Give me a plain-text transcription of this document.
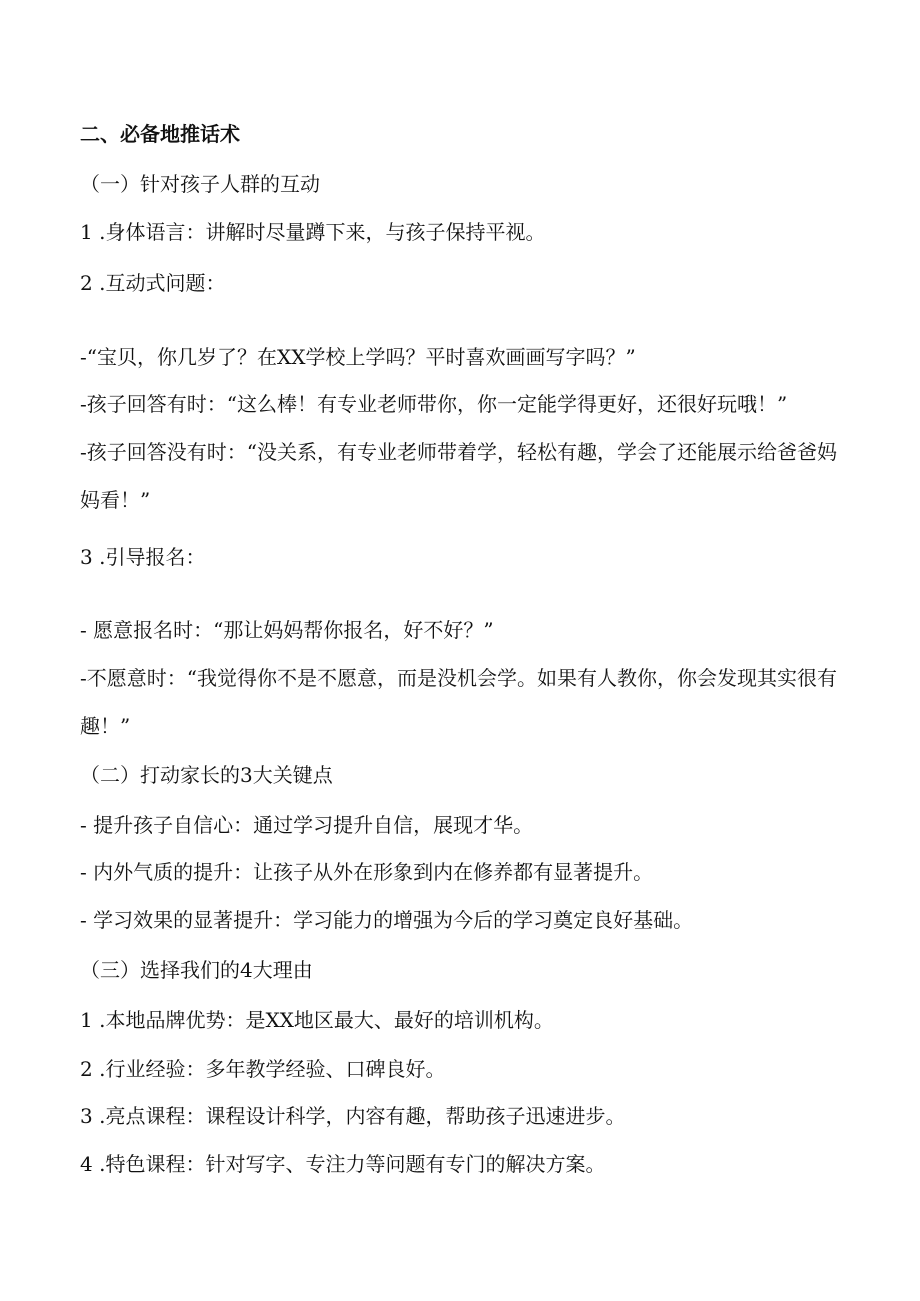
二、必备地推话术
（一）针对孩子人群的互动
1 .身体语言：讲解时尽量蹲下来，与孩子保持平视。
2 .互动式问题：
-“宝贝，你几岁了？在XX学校上学吗？平时喜欢画画写字吗？”
-孩子回答有时：“这么棒！有专业老师带你，你一定能学得更好，还很好玩哦！”
-孩子回答没有时：“没关系，有专业老师带着学，轻松有趣，学会了还能展示给爸爸妈妈看！”
3 .引导报名：
- 愿意报名时：“那让妈妈帮你报名，好不好？”
-不愿意时：“我觉得你不是不愿意，而是没机会学。如果有人教你，你会发现其实很有趣！”
（二）打动家长的3大关键点
- 提升孩子自信心：通过学习提升自信，展现才华。
- 内外气质的提升：让孩子从外在形象到内在修养都有显著提升。
- 学习效果的显著提升：学习能力的增强为今后的学习奠定良好基础。
（三）选择我们的4大理由
1 .本地品牌优势：是XX地区最大、最好的培训机构。
2 .行业经验：多年教学经验、口碑良好。
3 .亮点课程：课程设计科学，内容有趣，帮助孩子迅速进步。
4 .特色课程：针对写字、专注力等问题有专门的解决方案。
